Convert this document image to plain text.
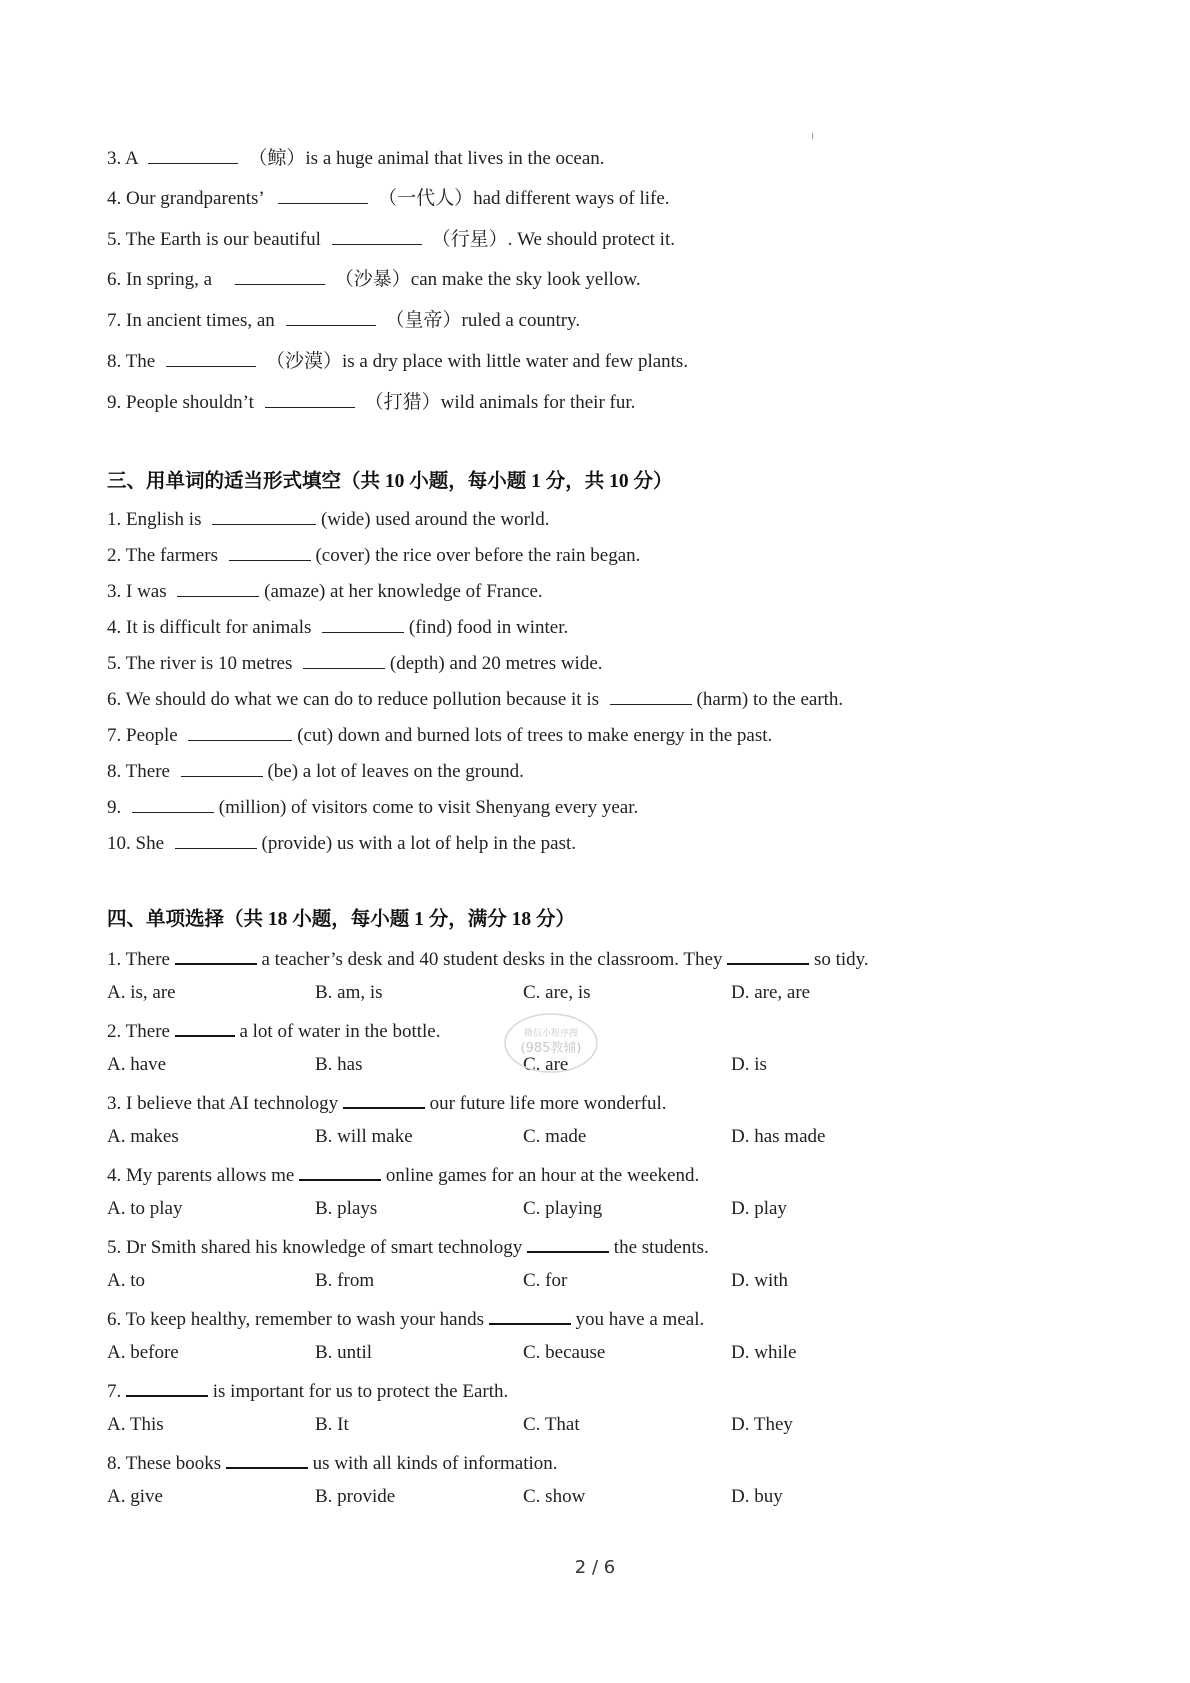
3. A	（鲸）is a huge animal that lives in the ocean.
4. Our grandparents’	（一代人）had different ways of life.
5. The Earth is our beautiful	（行星）. We should protect it.
6. In spring, a	（沙暴）can make the sky look yellow.
7. In ancient times, an	（皇帝）ruled a country.
8. The	（沙漠）is a dry place with little water and few plants.
9. People shouldn’t	（打猎）wild animals for their fur.
三、用单词的适当形式填空（共 10 小题，每小题 1 分，共 10 分）
1. English is	(wide) used around the world.
2. The farmers	(cover) the rice over before the rain began.
3. I was	(amaze) at her knowledge of France.
4. It is difficult for animals	(find) food in winter.
5. The river is 10 metres	(depth) and 20 metres wide.
6. We should do what we can do to reduce pollution because it is	(harm) to the earth.
7. People	(cut) down and burned lots of trees to make energy in the past.
8. There	(be) a lot of leaves on the ground.
9.	(million) of visitors come to visit Shenyang every year.
10. She	(provide) us with a lot of help in the past.
四、单项选择（共 18 小题，每小题 1 分，满分 18 分）
1. There	a teacher’s desk and 40 student desks in the classroom. They	so tidy.
A. is, are	B. am, is	C. are, is	D. are, are
2. There	a lot of water in the bottle.
A. have	B. has	C. are	D. is
3. I believe that AI technology	our future life more wonderful.
A. makes	B. will make	C. made	D. has made
4. My parents allows me	online games for an hour at the weekend.
A. to play	B. plays	C. playing	D. play
5. Dr Smith shared his knowledge of smart technology	the students.
A. to	B. from	C. for	D. with
6. To keep healthy, remember to wash your hands	you have a meal.
A. before	B. until	C. because	D. while
7.	is important for us to protect the Earth.
A. This	B. It	C. That	D. They
8. These books	us with all kinds of information.
A. give	B. provide	C. show	D. buy
微信小程序搜
(985教辅)
2 / 6
